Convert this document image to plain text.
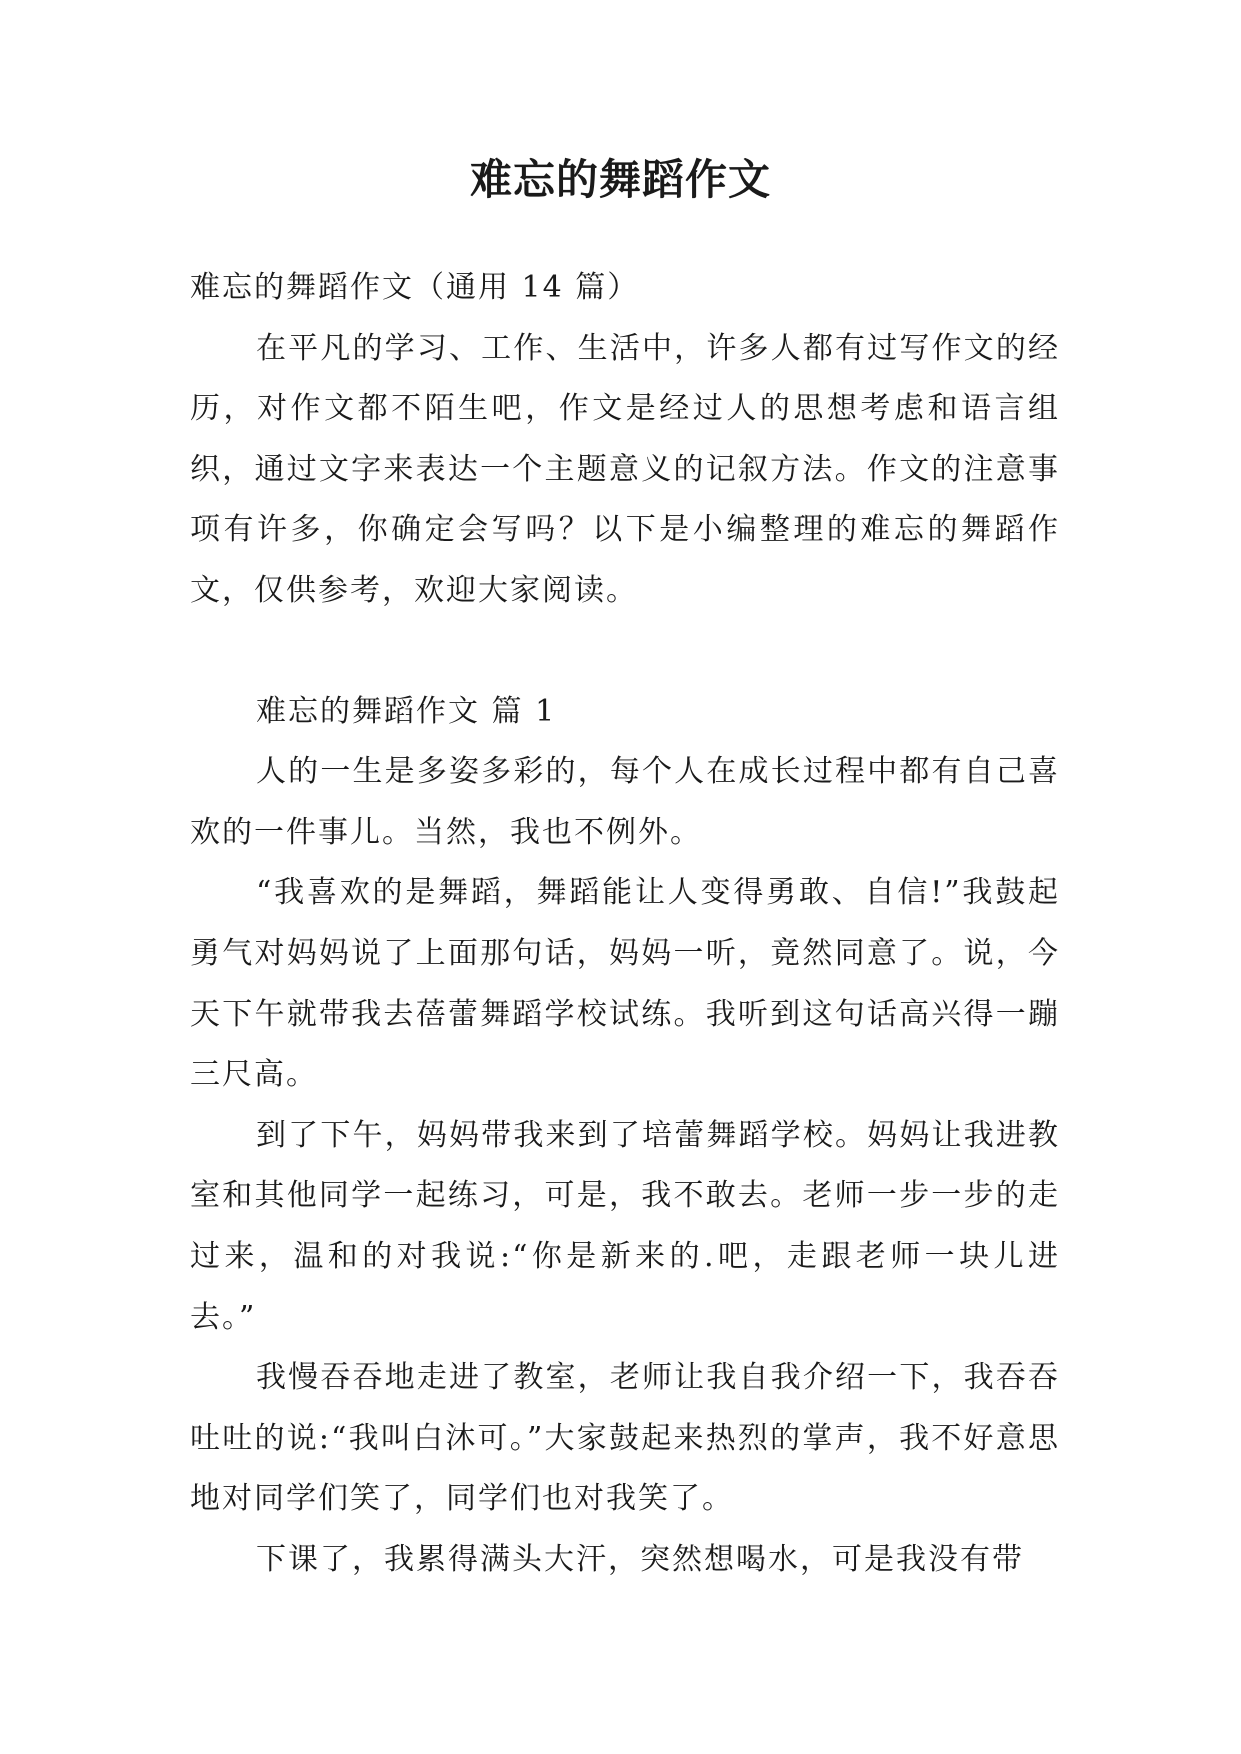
难忘的舞蹈作文

难忘的舞蹈作文（通用 14 篇）

在平凡的学习、工作、生活中，许多人都有过写作文的经历，对作文都不陌生吧，作文是经过人的思想考虑和语言组织，通过文字来表达一个主题意义的记叙方法。作文的注意事项有许多，你确定会写吗？以下是小编整理的难忘的舞蹈作文，仅供参考，欢迎大家阅读。

难忘的舞蹈作文 篇 1

人的一生是多姿多彩的，每个人在成长过程中都有自己喜欢的一件事儿。当然，我也不例外。

“我喜欢的是舞蹈，舞蹈能让人变得勇敢、自信!”我鼓起勇气对妈妈说了上面那句话，妈妈一听，竟然同意了。说，今天下午就带我去蓓蕾舞蹈学校试练。我听到这句话高兴得一蹦三尺高。

到了下午，妈妈带我来到了培蕾舞蹈学校。妈妈让我进教室和其他同学一起练习，可是，我不敢去。老师一步一步的走过来，温和的对我说:“你是新来的.吧，走跟老师一块儿进去。”

我慢吞吞地走进了教室，老师让我自我介绍一下，我吞吞吐吐的说:“我叫白沐可。”大家鼓起来热烈的掌声，我不好意思地对同学们笑了，同学们也对我笑了。

下课了，我累得满头大汗，突然想喝水，可是我没有带
